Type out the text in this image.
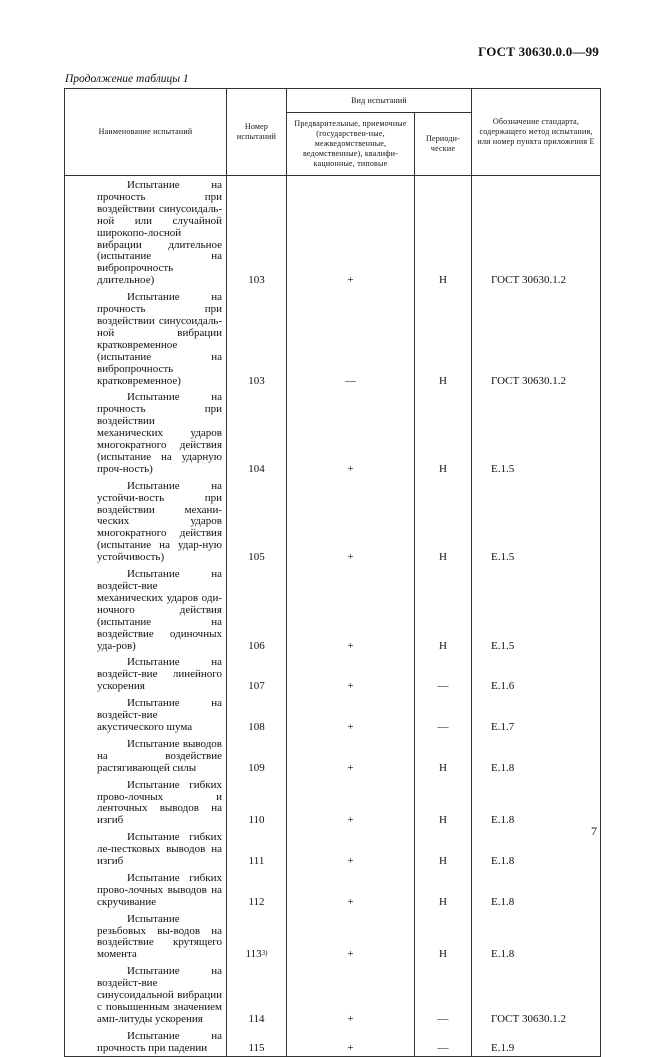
ГОСТ 30630.0.0—99
Продолжение таблицы 1
Наименование испытаний	Номер испытаний	Вид испытаний		Обозначение стандарта, содержащего метод испытания, или номер пункта приложения Е
		Предварительные, приемочные (государствен-ные, межведомственные, ведомственные), квалифи-кационные, типовые	Периоди-ческие	

Испытание на прочность при воздействии синусоидаль-ной или случайной широкопо-лосной вибрации длительное (испытание на вибропрочность длительное)	103	+	Н	ГОСТ 30630.1.2

Испытание на прочность при воздействии синусоидаль-ной вибрации кратковременное (испытание на вибропрочность кратковременное)	103	—	Н	ГОСТ 30630.1.2

Испытание на прочность при воздействии механических ударов многократного действия (испытание на ударную проч-ность)	104	+	Н	Е.1.5

Испытание на устойчи-вость при воздействии механи-ческих ударов многократного действия (испытание на удар-ную устойчивость)	105	+	Н	Е.1.5

Испытание на воздейст-вие механических ударов оди-ночного действия (испытание на воздействие одиночных уда-ров)	106	+	Н	Е.1.5

Испытание на воздейст-вие линейного ускорения	107	+	—	Е.1.6

Испытание на воздейст-вие акустического шума	108	+	—	Е.1.7

Испытание выводов на воздействие растягивающей силы	109	+	Н	Е.1.8

Испытание гибких прово-лочных и ленточных выводов на изгиб	110	+	Н	Е.1.8

Испытание гибких ле-пестковых выводов на изгиб	111	+	Н	Е.1.8

Испытание гибких прово-лочных выводов на скручивание	112	+	Н	Е.1.8

Испытание резьбовых вы-водов на воздействие крутящего момента	$113^{3)}$	+	Н	Е.1.8

Испытание на воздейст-вие синусоидальной вибрации с повышенным значением амп-литуды ускорения	114	+	—	ГОСТ 30630.1.2

Испытание на прочность при падении	115	+	—	Е.1.9
7
